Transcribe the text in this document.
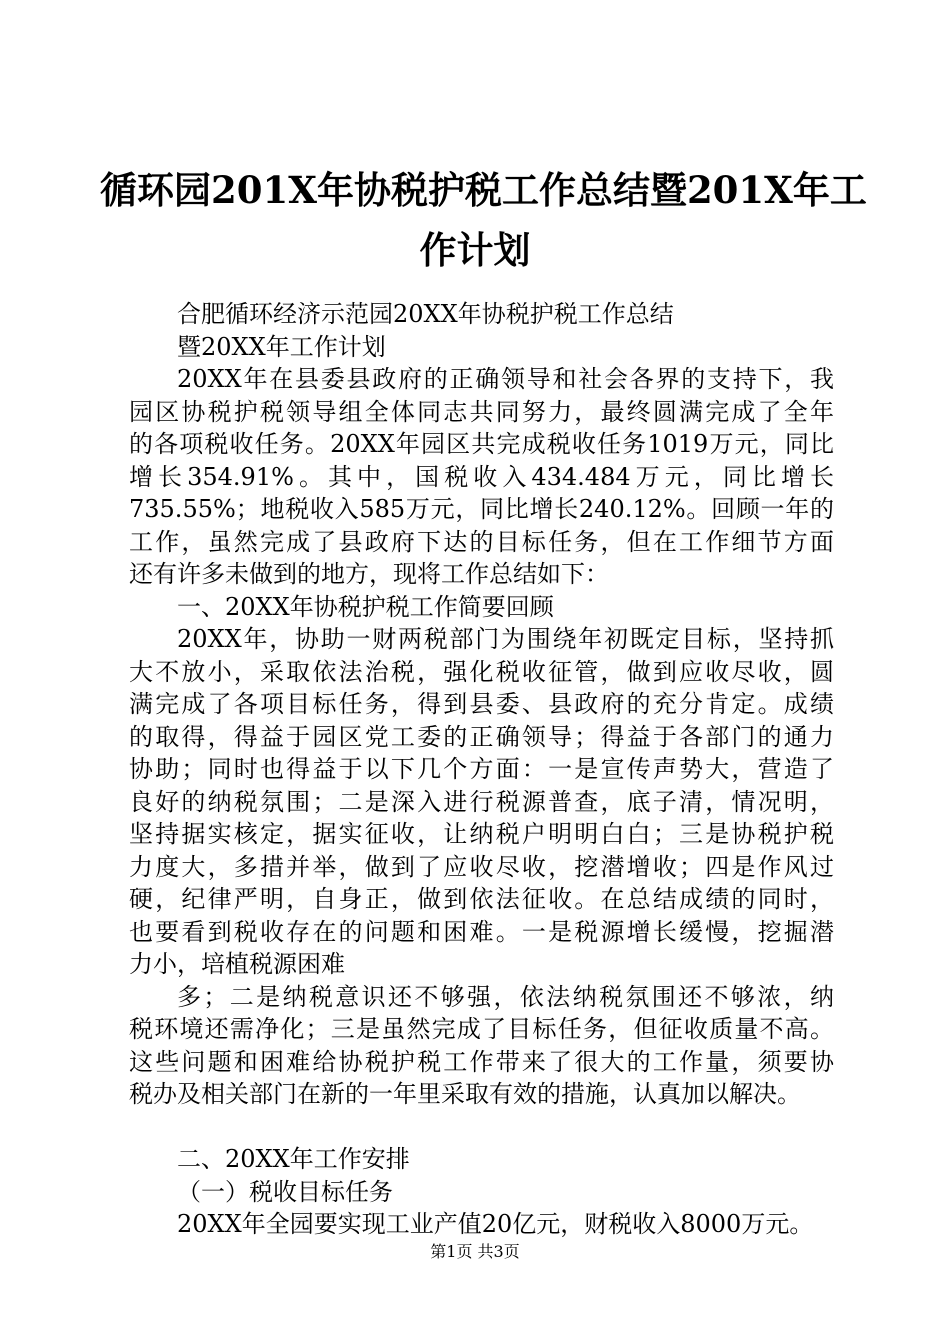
循环园201X年协税护税工作总结暨201X年工
作计划

合肥循环经济示范园20XX年协税护税工作总结

暨20XX年工作计划

20XX年在县委县政府的正确领导和社会各界的支持下，我

园区协税护税领导组全体同志共同努力，最终圆满完成了全年

的各项税收任务。20XX年园区共完成税收任务1019万元，同比

增长354.91%。其中，国税收入434.484万元，同比增长

735.55%；地税收入585万元，同比增长240.12%。回顾一年的

工作，虽然完成了县政府下达的目标任务，但在工作细节方面

还有许多未做到的地方，现将工作总结如下：

一、20XX年协税护税工作简要回顾

20XX年，协助一财两税部门为围绕年初既定目标，坚持抓

大不放小，采取依法治税，强化税收征管，做到应收尽收，圆

满完成了各项目标任务，得到县委、县政府的充分肯定。成绩

的取得，得益于园区党工委的正确领导；得益于各部门的通力

协助；同时也得益于以下几个方面：一是宣传声势大，营造了

良好的纳税氛围；二是深入进行税源普查，底子清，情况明，

坚持据实核定，据实征收，让纳税户明明白白；三是协税护税

力度大，多措并举，做到了应收尽收，挖潜增收；四是作风过

硬，纪律严明，自身正，做到依法征收。在总结成绩的同时，

也要看到税收存在的问题和困难。一是税源增长缓慢，挖掘潜

力小，培植税源困难

多；二是纳税意识还不够强，依法纳税氛围还不够浓，纳

税环境还需净化；三是虽然完成了目标任务，但征收质量不高。

这些问题和困难给协税护税工作带来了很大的工作量，须要协

税办及相关部门在新的一年里采取有效的措施，认真加以解决。

二、20XX年工作安排

（一）税收目标任务

20XX年全园要实现工业产值20亿元，财税收入8000万元。

第1页 共3页
